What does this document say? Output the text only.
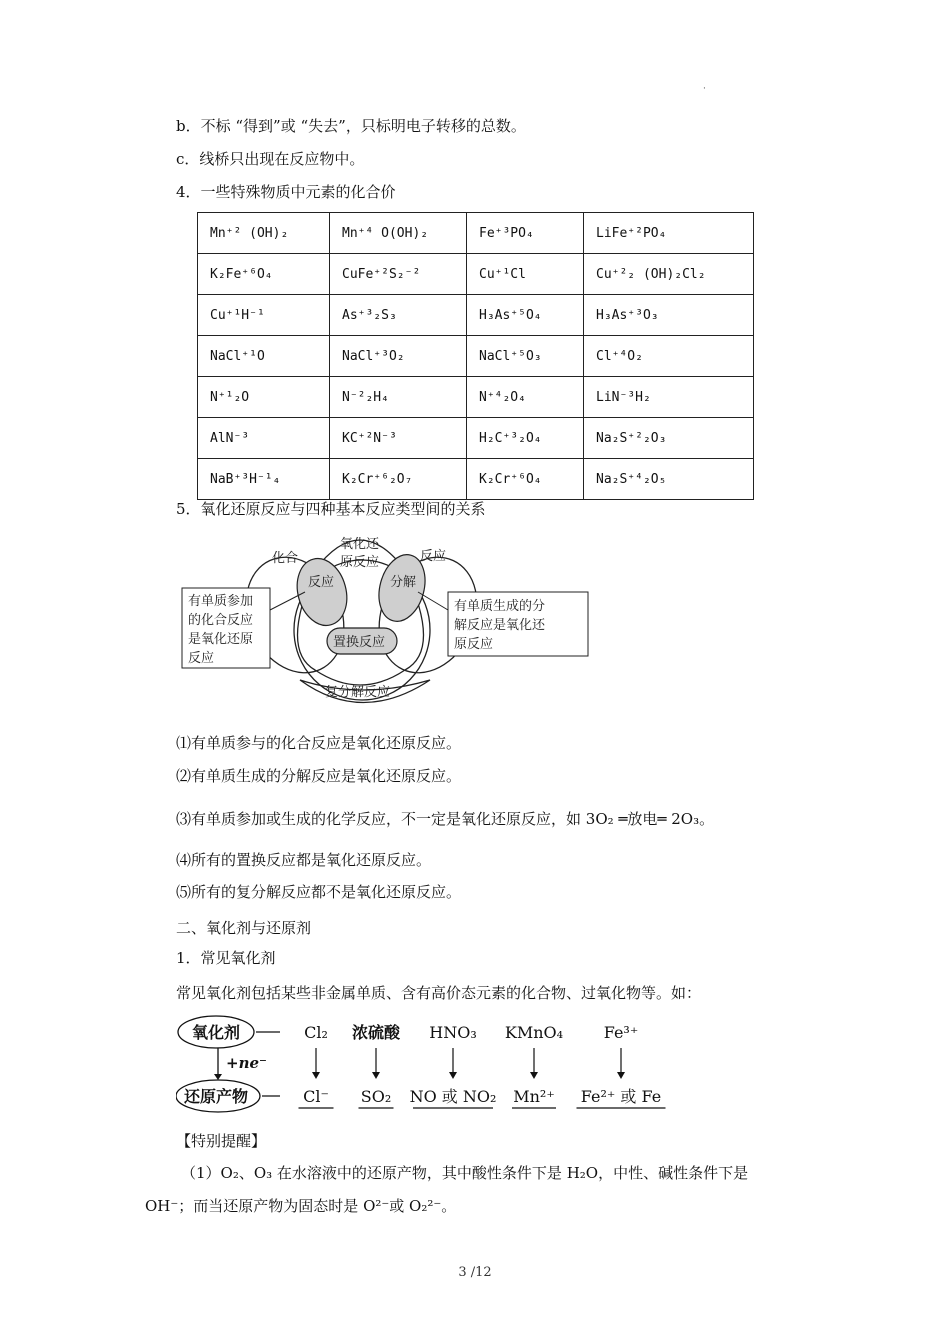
·
b．不标 “得到”或 “失去”，只标明电子转移的总数。
c．线桥只出现在反应物中。
4．一些特殊物质中元素的化合价
Mn⁺² (OH)₂	Mn⁺⁴ O(OH)₂	Fe⁺³PO₄	LiFe⁺²PO₄
K₂Fe⁺⁶O₄	CuFe⁺²S₂⁻²	Cu⁺¹Cl	Cu⁺²₂ (OH)₂Cl₂
Cu⁺¹H⁻¹	As⁺³₂S₃	H₃As⁺⁵O₄	H₃As⁺³O₃
NaCl⁺¹O	NaCl⁺³O₂	NaCl⁺⁵O₃	Cl⁺⁴O₂
N⁺¹₂O	N⁻²₂H₄	N⁺⁴₂O₄	LiN⁻³H₂
AlN⁻³	KC⁺²N⁻³	H₂C⁺³₂O₄	Na₂S⁺²₂O₃
NaB⁺³H⁻¹₄	K₂Cr⁺⁶₂O₇	K₂Cr⁺⁶O₄	Na₂S⁺⁴₂O₅
5．氧化还原反应与四种基本反应类型间的关系
化合
氧化还
原反应	反应
反应	分解
置换反应
复分解反应
有单质参加
的化合反应
是氧化还原
反应
有单质生成的分
解反应是氧化还
原反应
⑴有单质参与的化合反应是氧化还原反应。
⑵有单质生成的分解反应是氧化还原反应。
⑶有单质参加或生成的化学反应，不一定是氧化还原反应，如 3O₂ ═放电═ 2O₃。
⑷所有的置换反应都是氧化还原反应。
⑸所有的复分解反应都不是氧化还原反应。
二、氧化剂与还原剂
1．常见氧化剂
常见氧化剂包括某些非金属单质、含有高价态元素的化合物、过氧化物等。如：
氧化剂
还原产物
+ne⁻
Cl₂
Cl⁻
浓硫酸
SO₂
HNO₃
NO 或 NO₂
KMnO₄
Mn²⁺
Fe³⁺
Fe²⁺ 或 Fe
【特别提醒】
（1）O₂、O₃ 在水溶液中的还原产物，其中酸性条件下是 H₂O，中性、碱性条件下是
OH⁻；而当还原产物为固态时是 O²⁻或 O₂²⁻。
3 /12
